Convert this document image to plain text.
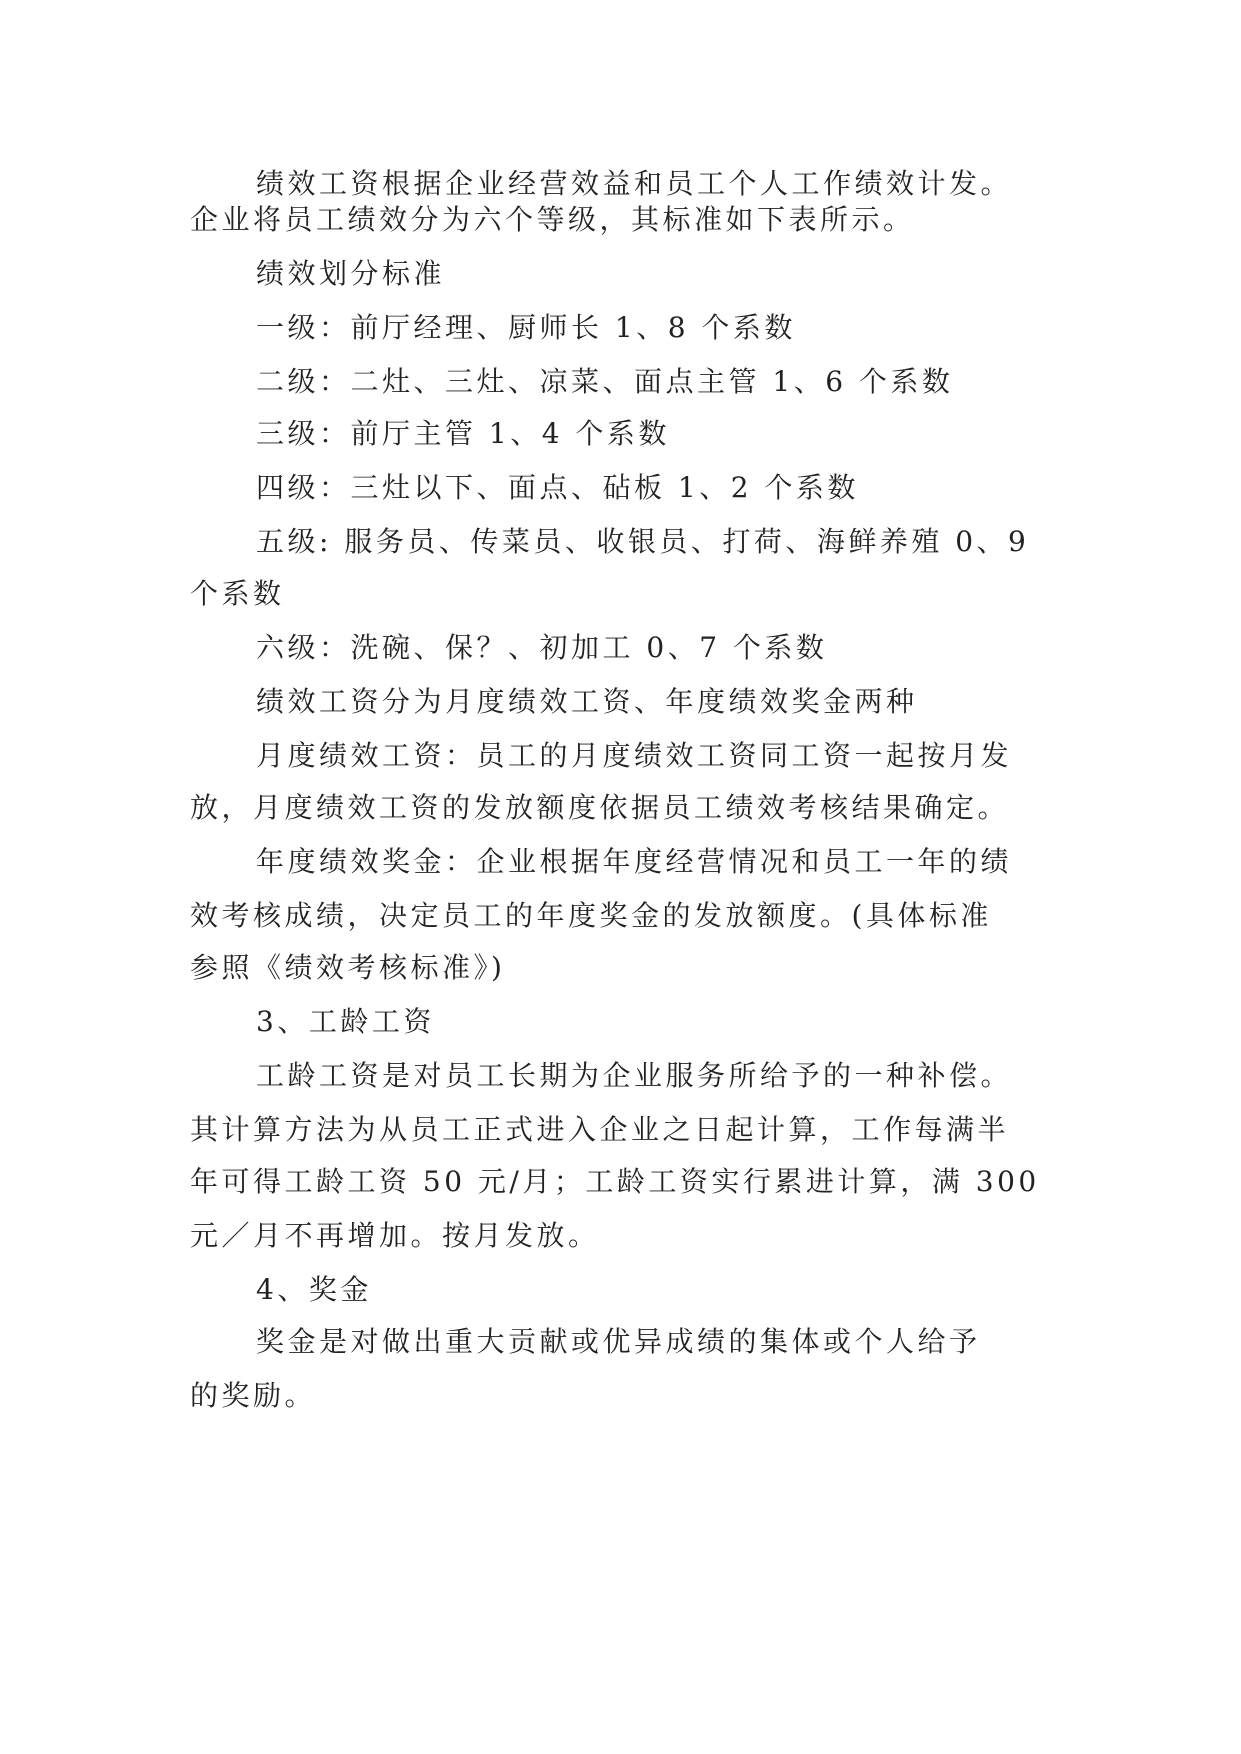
绩效工资根据企业经营效益和员工个人工作绩效计发。
企业将员工绩效分为六个等级，其标准如下表所示。
绩效划分标准
一级：前厅经理、厨师长 1、8 个系数
二级：二灶、三灶、凉菜、面点主管 1、6 个系数
三级：前厅主管 1、4 个系数
四级：三灶以下、面点、砧板 1、2 个系数
五级: 服务员、传菜员、收银员、打荷、海鲜养殖 0、9
个系数
六级：洗碗、保？、初加工 0、7 个系数
绩效工资分为月度绩效工资、年度绩效奖金两种
月度绩效工资：员工的月度绩效工资同工资一起按月发
放，月度绩效工资的发放额度依据员工绩效考核结果确定。
年度绩效奖金：企业根据年度经营情况和员工一年的绩
效考核成绩，决定员工的年度奖金的发放额度。(具体标准
参照《绩效考核标准》)
3、工龄工资
工龄工资是对员工长期为企业服务所给予的一种补偿。
其计算方法为从员工正式进入企业之日起计算，工作每满半
年可得工龄工资 50 元/月；工龄工资实行累进计算，满 300
元／月不再增加。按月发放。
4、奖金
奖金是对做出重大贡献或优异成绩的集体或个人给予
的奖励。
